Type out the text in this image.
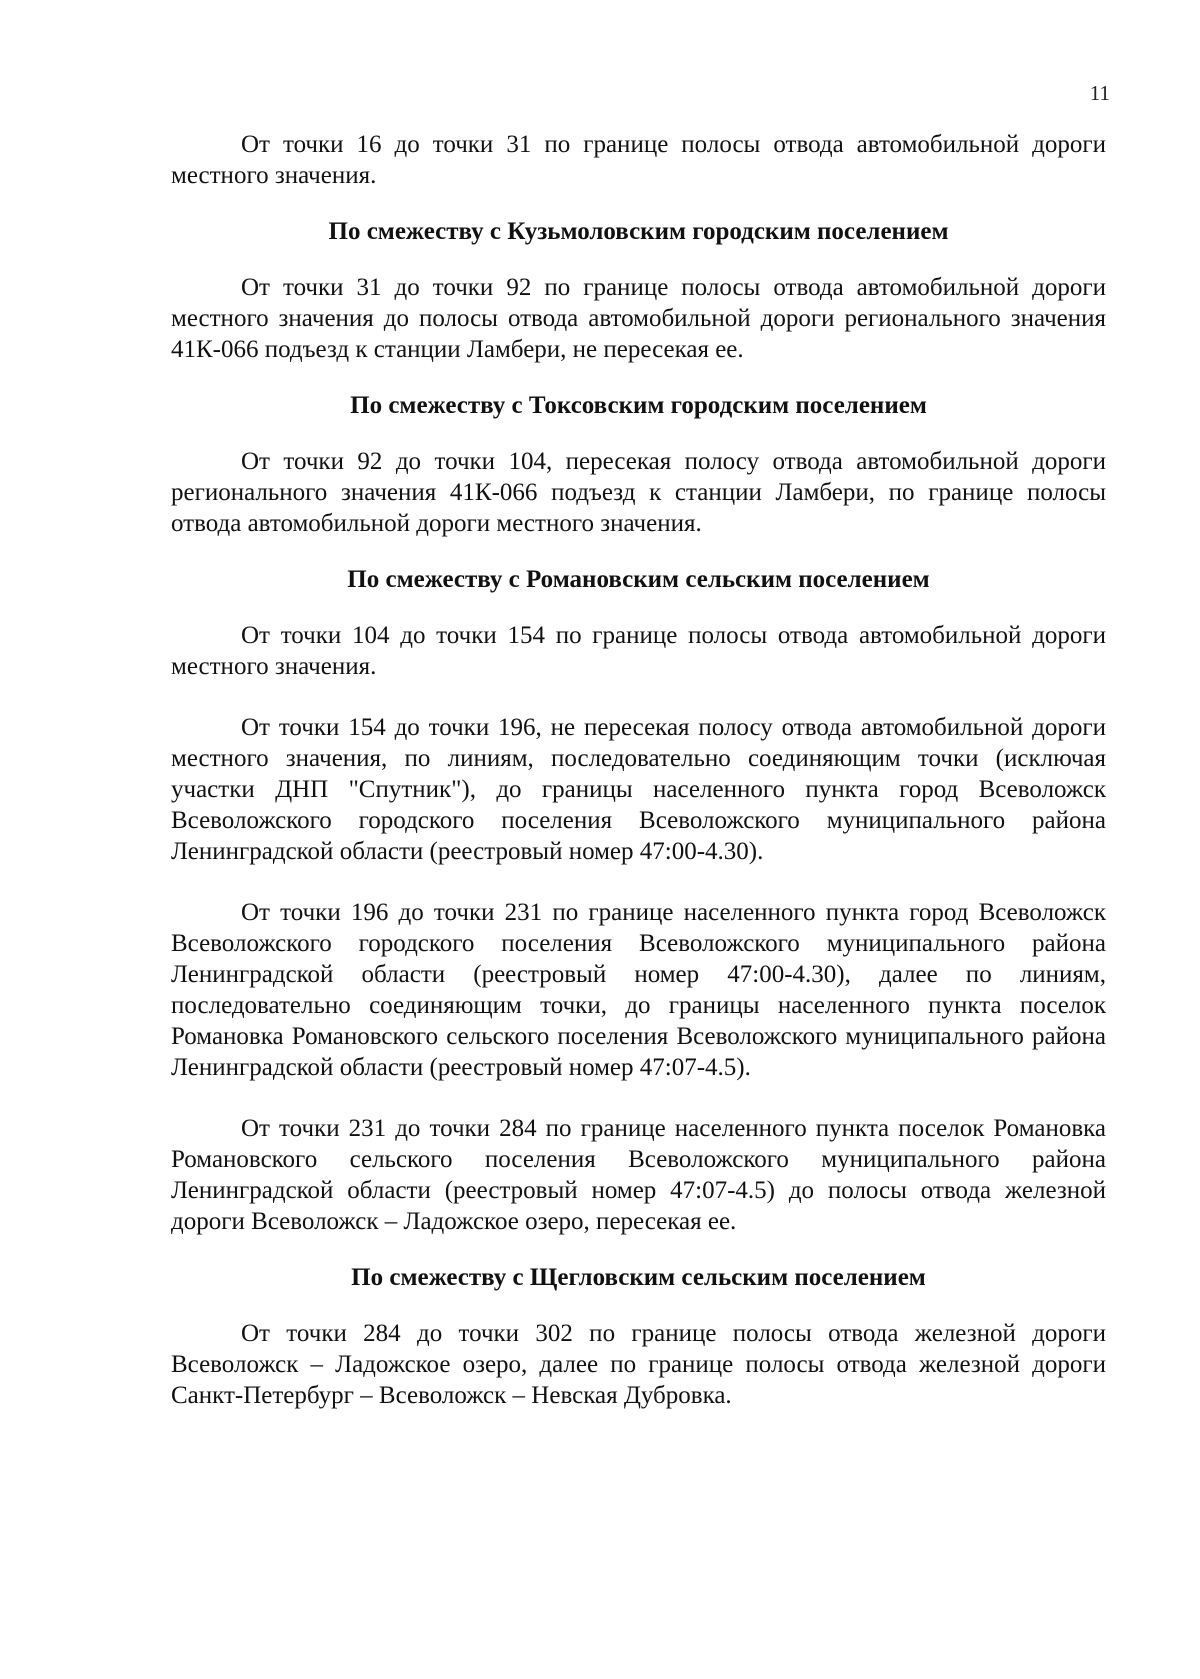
11

От точки 16 до точки 31 по границе полосы отвода автомобильной дороги местного значения.

По смежеству с Кузьмоловским городским поселением

От точки 31 до точки 92 по границе полосы отвода автомобильной дороги местного значения до полосы отвода автомобильной дороги регионального значения 41К-066 подъезд к станции Ламбери, не пересекая ее.

По смежеству с Токсовским городским поселением

От точки 92 до точки 104, пересекая полосу отвода автомобильной дороги регионального значения 41К-066 подъезд к станции Ламбери, по границе полосы отвода автомобильной дороги местного значения.

По смежеству с Романовским сельским поселением

От точки 104 до точки 154 по границе полосы отвода автомобильной дороги местного значения.

От точки 154 до точки 196, не пересекая полосу отвода автомобильной дороги местного значения, по линиям, последовательно соединяющим точки (исключая участки ДНП "Спутник"), до границы населенного пункта город Всеволожск Всеволожского городского поселения Всеволожского муниципального района Ленинградской области (реестровый номер 47:00-4.30).

От точки 196 до точки 231 по границе населенного пункта город Всеволожск Всеволожского городского поселения Всеволожского муниципального района Ленинградской области (реестровый номер 47:00-4.30), далее по линиям, последовательно соединяющим точки, до границы населенного пункта поселок Романовка Романовского сельского поселения Всеволожского муниципального района Ленинградской области (реестровый номер 47:07-4.5).

От точки 231 до точки 284 по границе населенного пункта поселок Романовка Романовского сельского поселения Всеволожского муниципального района Ленинградской области (реестровый номер 47:07-4.5) до полосы отвода железной дороги Всеволожск – Ладожское озеро, пересекая ее.

По смежеству с Щегловским сельским поселением

От точки 284 до точки 302 по границе полосы отвода железной дороги Всеволожск – Ладожское озеро, далее по границе полосы отвода железной дороги Санкт-Петербург – Всеволожск – Невская Дубровка.
